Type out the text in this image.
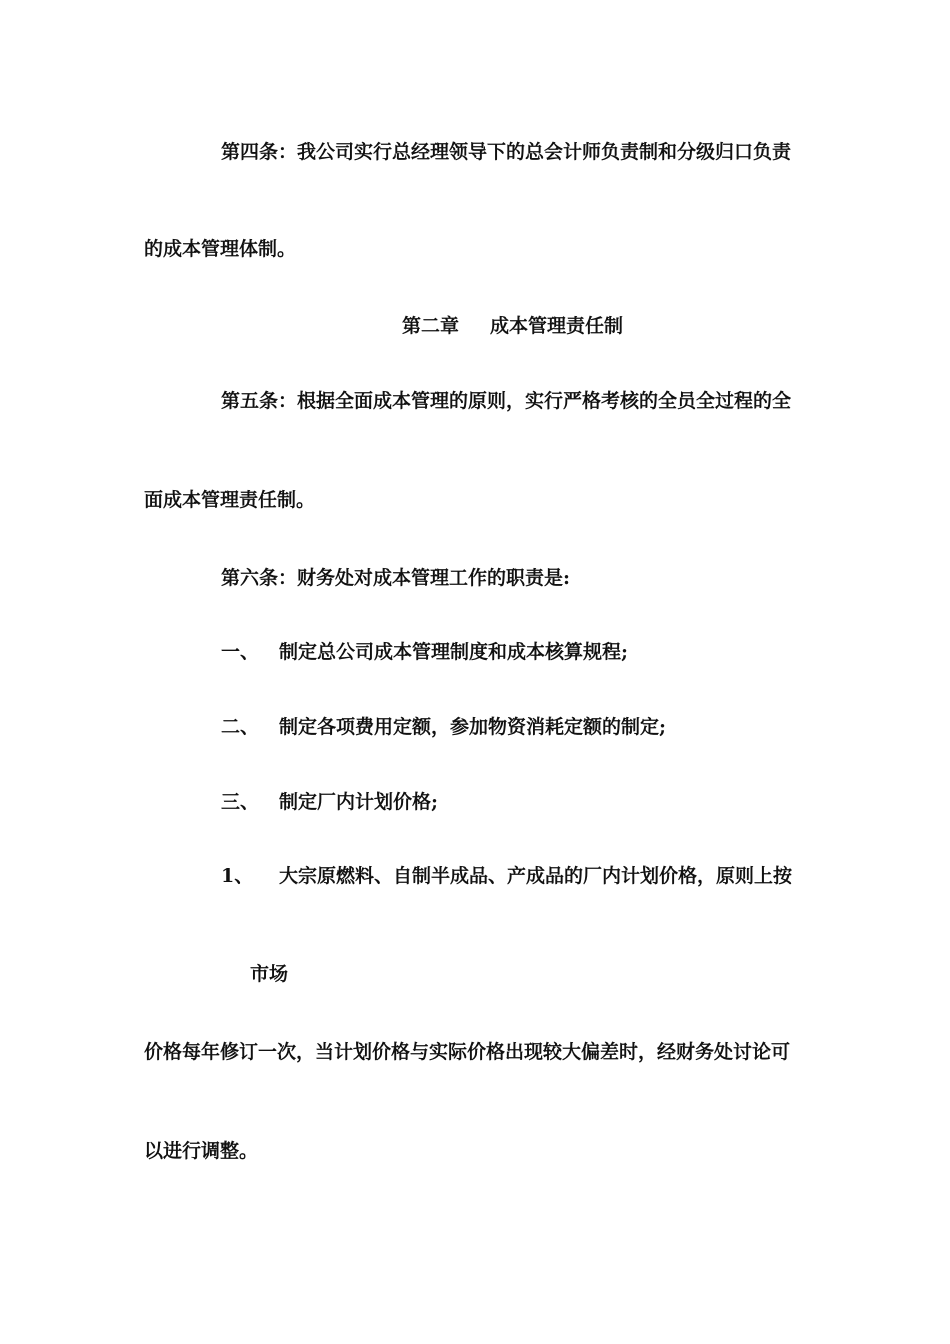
第四条：我公司实行总经理领导下的总会计师负责制和分级归口负责
的成本管理体制。
第二章 成本管理责任制
第五条：根据全面成本管理的原则，实行严格考核的全员全过程的全
面成本管理责任制。
第六条：财务处对成本管理工作的职责是:
一、 制定总公司成本管理制度和成本核算规程;
二、 制定各项费用定额，参加物资消耗定额的制定;
三、 制定厂内计划价格;
1、 大宗原燃料、自制半成品、产成品的厂内计划价格，原则上按
市场
价格每年修订一次，当计划价格与实际价格出现较大偏差时，经财务处讨论可
以进行调整。
